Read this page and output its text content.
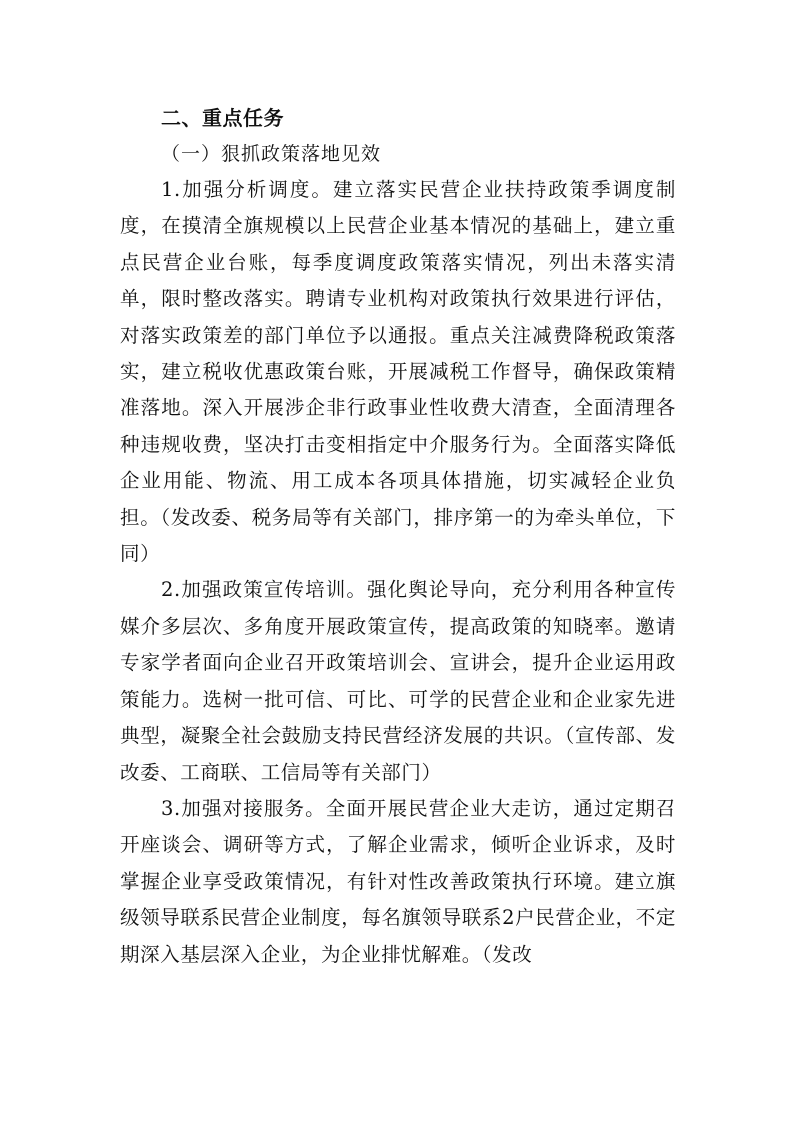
二、重点任务
（一）狠抓政策落地见效

1.加强分析调度。建立落实民营企业扶持政策季调度制度，在摸清全旗规模以上民营企业基本情况的基础上，建立重点民营企业台账，每季度调度政策落实情况，列出未落实清单，限时整改落实。聘请专业机构对政策执行效果进行评估，对落实政策差的部门单位予以通报。重点关注减费降税政策落实，建立税收优惠政策台账，开展减税工作督导，确保政策精准落地。深入开展涉企非行政事业性收费大清查，全面清理各种违规收费，坚决打击变相指定中介服务行为。全面落实降低企业用能、物流、用工成本各项具体措施，切实减轻企业负担。（发改委、税务局等有关部门，排序第一的为牵头单位，下同）

2.加强政策宣传培训。强化舆论导向，充分利用各种宣传媒介多层次、多角度开展政策宣传，提高政策的知晓率。邀请专家学者面向企业召开政策培训会、宣讲会，提升企业运用政策能力。选树一批可信、可比、可学的民营企业和企业家先进典型，凝聚全社会鼓励支持民营经济发展的共识。（宣传部、发改委、工商联、工信局等有关部门）

3.加强对接服务。全面开展民营企业大走访，通过定期召开座谈会、调研等方式，了解企业需求，倾听企业诉求，及时掌握企业享受政策情况，有针对性改善政策执行环境。建立旗级领导联系民营企业制度，每名旗领导联系2户民营企业，不定期深入基层深入企业，为企业排忧解难。（发改
